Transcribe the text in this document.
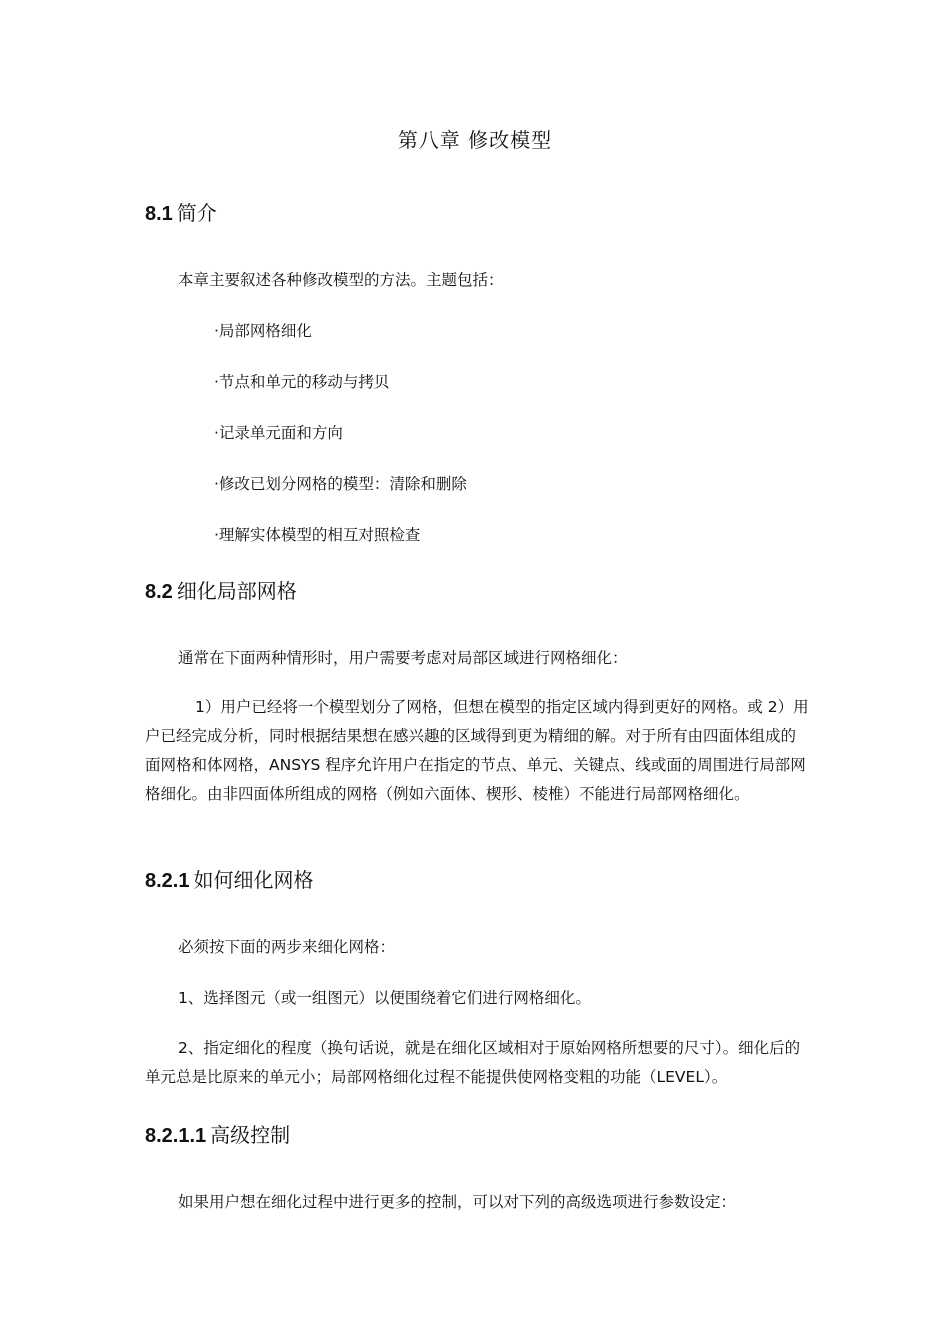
第八章 修改模型
8.1 简介
本章主要叙述各种修改模型的方法。主题包括：
·局部网格细化
·节点和单元的移动与拷贝
·记录单元面和方向
·修改已划分网格的模型：清除和删除
·理解实体模型的相互对照检查
8.2 细化局部网格
通常在下面两种情形时，用户需要考虑对局部区域进行网格细化：

1）用户已经将一个模型划分了网格，但想在模型的指定区域内得到更好的网格。或 2）用户已经完成分析，同时根据结果想在感兴趣的区域得到更为精细的解。对于所有由四面体组成的面网格和体网格，ANSYS 程序允许用户在指定的节点、单元、关键点、线或面的周围进行局部网格细化。由非四面体所组成的网格（例如六面体、楔形、棱椎）不能进行局部网格细化。

8.2.1 如何细化网格
必须按下面的两步来细化网格：
1、选择图元（或一组图元）以便围绕着它们进行网格细化。

2、指定细化的程度（换句话说，就是在细化区域相对于原始网格所想要的尺寸）。细化后的单元总是比原来的单元小；局部网格细化过程不能提供使网格变粗的功能（LEVEL）。

8.2.1.1 高级控制
如果用户想在细化过程中进行更多的控制，可以对下列的高级选项进行参数设定：
